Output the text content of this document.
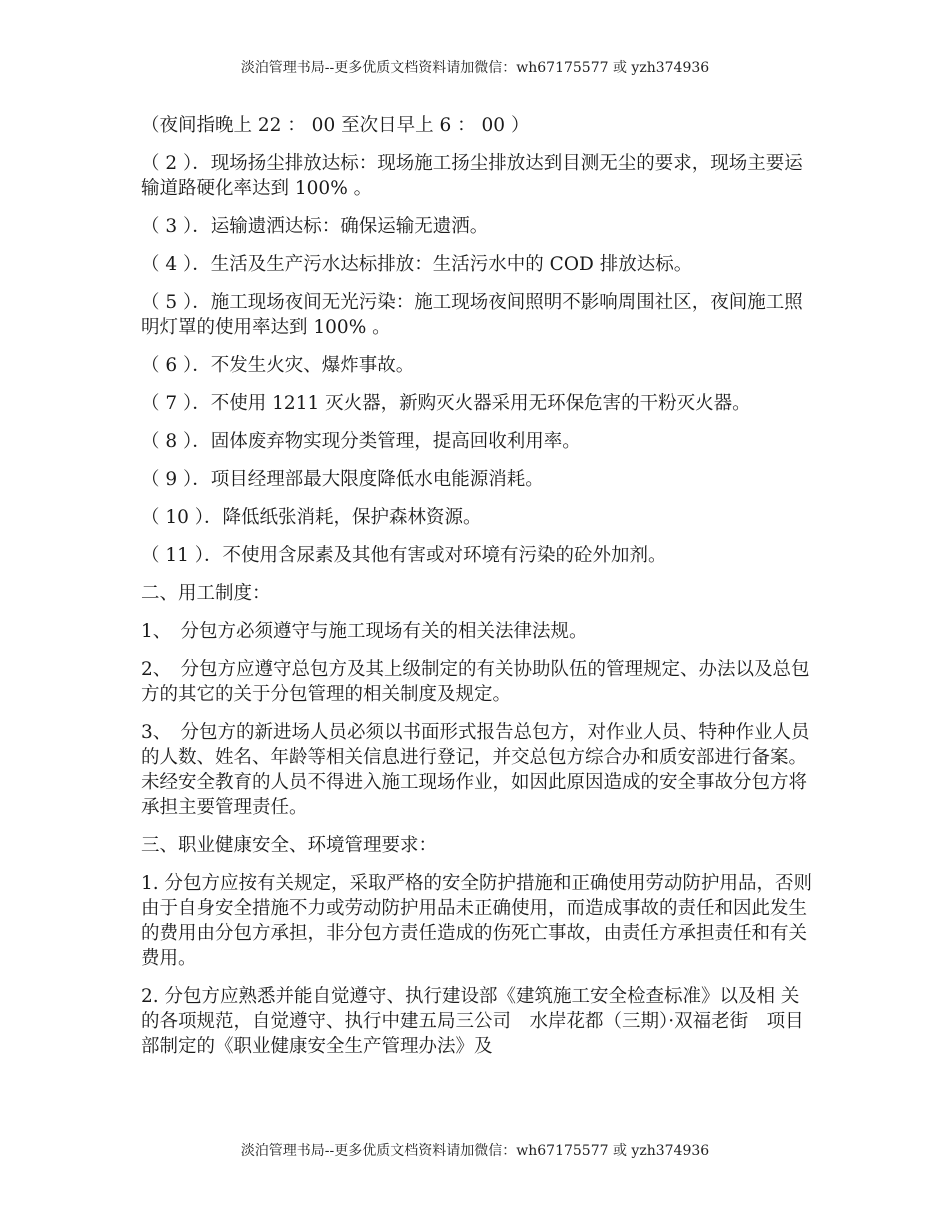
淡泊管理书局--更多优质文档资料请加微信：wh67175577 或 yzh374936

（夜间指晚上 22 ： 00 至次日早上 6 ： 00 ）

（ 2 ）．现场扬尘排放达标：现场施工扬尘排放达到目测无尘的要求，现场主要运输道路硬化率达到 100% 。

（ 3 ）．运输遗洒达标：确保运输无遗洒。

（ 4 ）．生活及生产污水达标排放：生活污水中的 COD 排放达标。

（ 5 ）．施工现场夜间无光污染：施工现场夜间照明不影响周围社区，夜间施工照明灯罩的使用率达到 100% 。

（ 6 ）．不发生火灾、爆炸事故。

（ 7 ）．不使用 1211 灭火器，新购灭火器采用无环保危害的干粉灭火器。

（ 8 ）．固体废弃物实现分类管理，提高回收利用率。

（ 9 ）．项目经理部最大限度降低水电能源消耗。

（ 10 ）．降低纸张消耗，保护森林资源。

（ 11 ）．不使用含尿素及其他有害或对环境有污染的砼外加剂。

二、用工制度：

1、　分包方必须遵守与施工现场有关的相关法律法规。

2、　分包方应遵守总包方及其上级制定的有关协助队伍的管理规定、办法以及总包方的其它的关于分包管理的相关制度及规定。

3、　分包方的新进场人员必须以书面形式报告总包方，对作业人员、特种作业人员的人数、姓名、年龄等相关信息进行登记，并交总包方综合办和质安部进行备案。未经安全教育的人员不得进入施工现场作业，如因此原因造成的安全事故分包方将承担主要管理责任。

三、职业健康安全、环境管理要求：

1. 分包方应按有关规定，采取严格的安全防护措施和正确使用劳动防护用品，否则由于自身安全措施不力或劳动防护用品未正确使用，而造成事故的责任和因此发生的费用由分包方承担，非分包方责任造成的伤死亡事故，由责任方承担责任和有关费用。

2. 分包方应熟悉并能自觉遵守、执行建设部《建筑施工安全检查标准》以及相 关的各项规范，自觉遵守、执行中建五局三公司　水岸花都（三期）·双福老街　项目部制定的《职业健康安全生产管理办法》及

淡泊管理书局--更多优质文档资料请加微信：wh67175577 或 yzh374936
